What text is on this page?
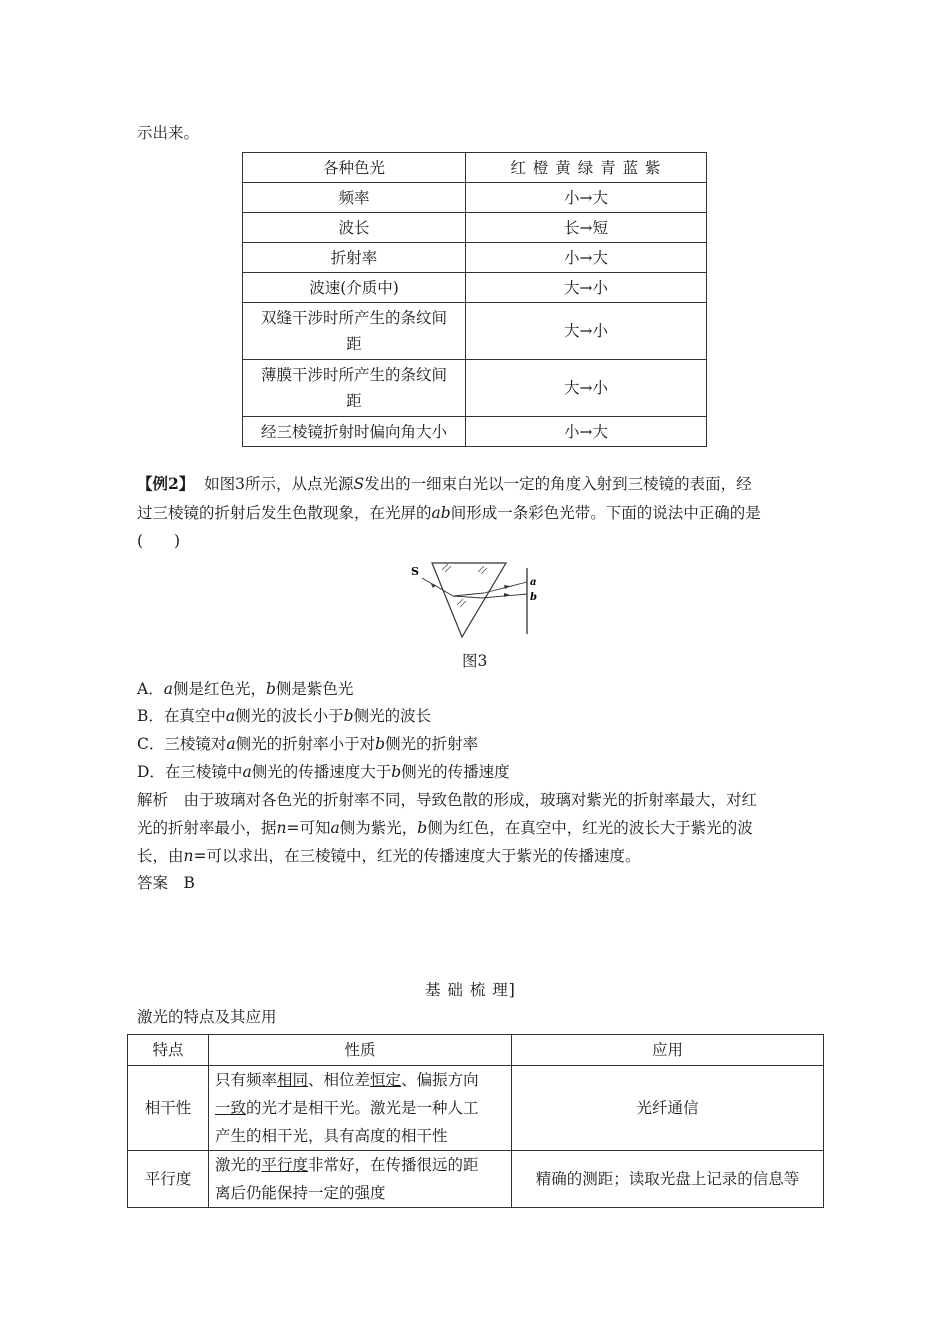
示出来。
各种色光	红 橙 黄 绿 青 蓝 紫
频率	小→大
波长	长→短
折射率	小→大
波速(介质中)	大→小

双缝干涉时所产生的条纹间
距	大→小

薄膜干涉时所产生的条纹间
距	大→小
经三棱镜折射时偏向角大小	小→大
【例2】 如图3所示，从点光源S发出的一细束白光以一定的角度入射到三棱镜的表面，经
过三棱镜的折射后发生色散现象，在光屏的ab间形成一条彩色光带。下面的说法中正确的是
(　　)
S
a
b
图3
A．a侧是红色光，b侧是紫色光
B．在真空中a侧光的波长小于b侧光的波长
C．三棱镜对a侧光的折射率小于对b侧光的折射率
D．在三棱镜中a侧光的传播速度大于b侧光的传播速度
解析　由于玻璃对各色光的折射率不同，导致色散的形成，玻璃对紫光的折射率最大，对红
光的折射率最小，据n=可知a侧为紫光，b侧为红色，在真空中，红光的波长大于紫光的波
长，由n=可以求出，在三棱镜中，红光的传播速度大于紫光的传播速度。
答案　B
基 础 梳 理]
激光的特点及其应用
特点	性质	应用
相干性	只有频率相同、相位差恒定、偏振方向
一致的光才是相干光。激光是一种人工
产生的相干光，具有高度的相干性	光纤通信
平行度	激光的平行度非常好，在传播很远的距
离后仍能保持一定的强度	精确的测距；读取光盘上记录的信息等
